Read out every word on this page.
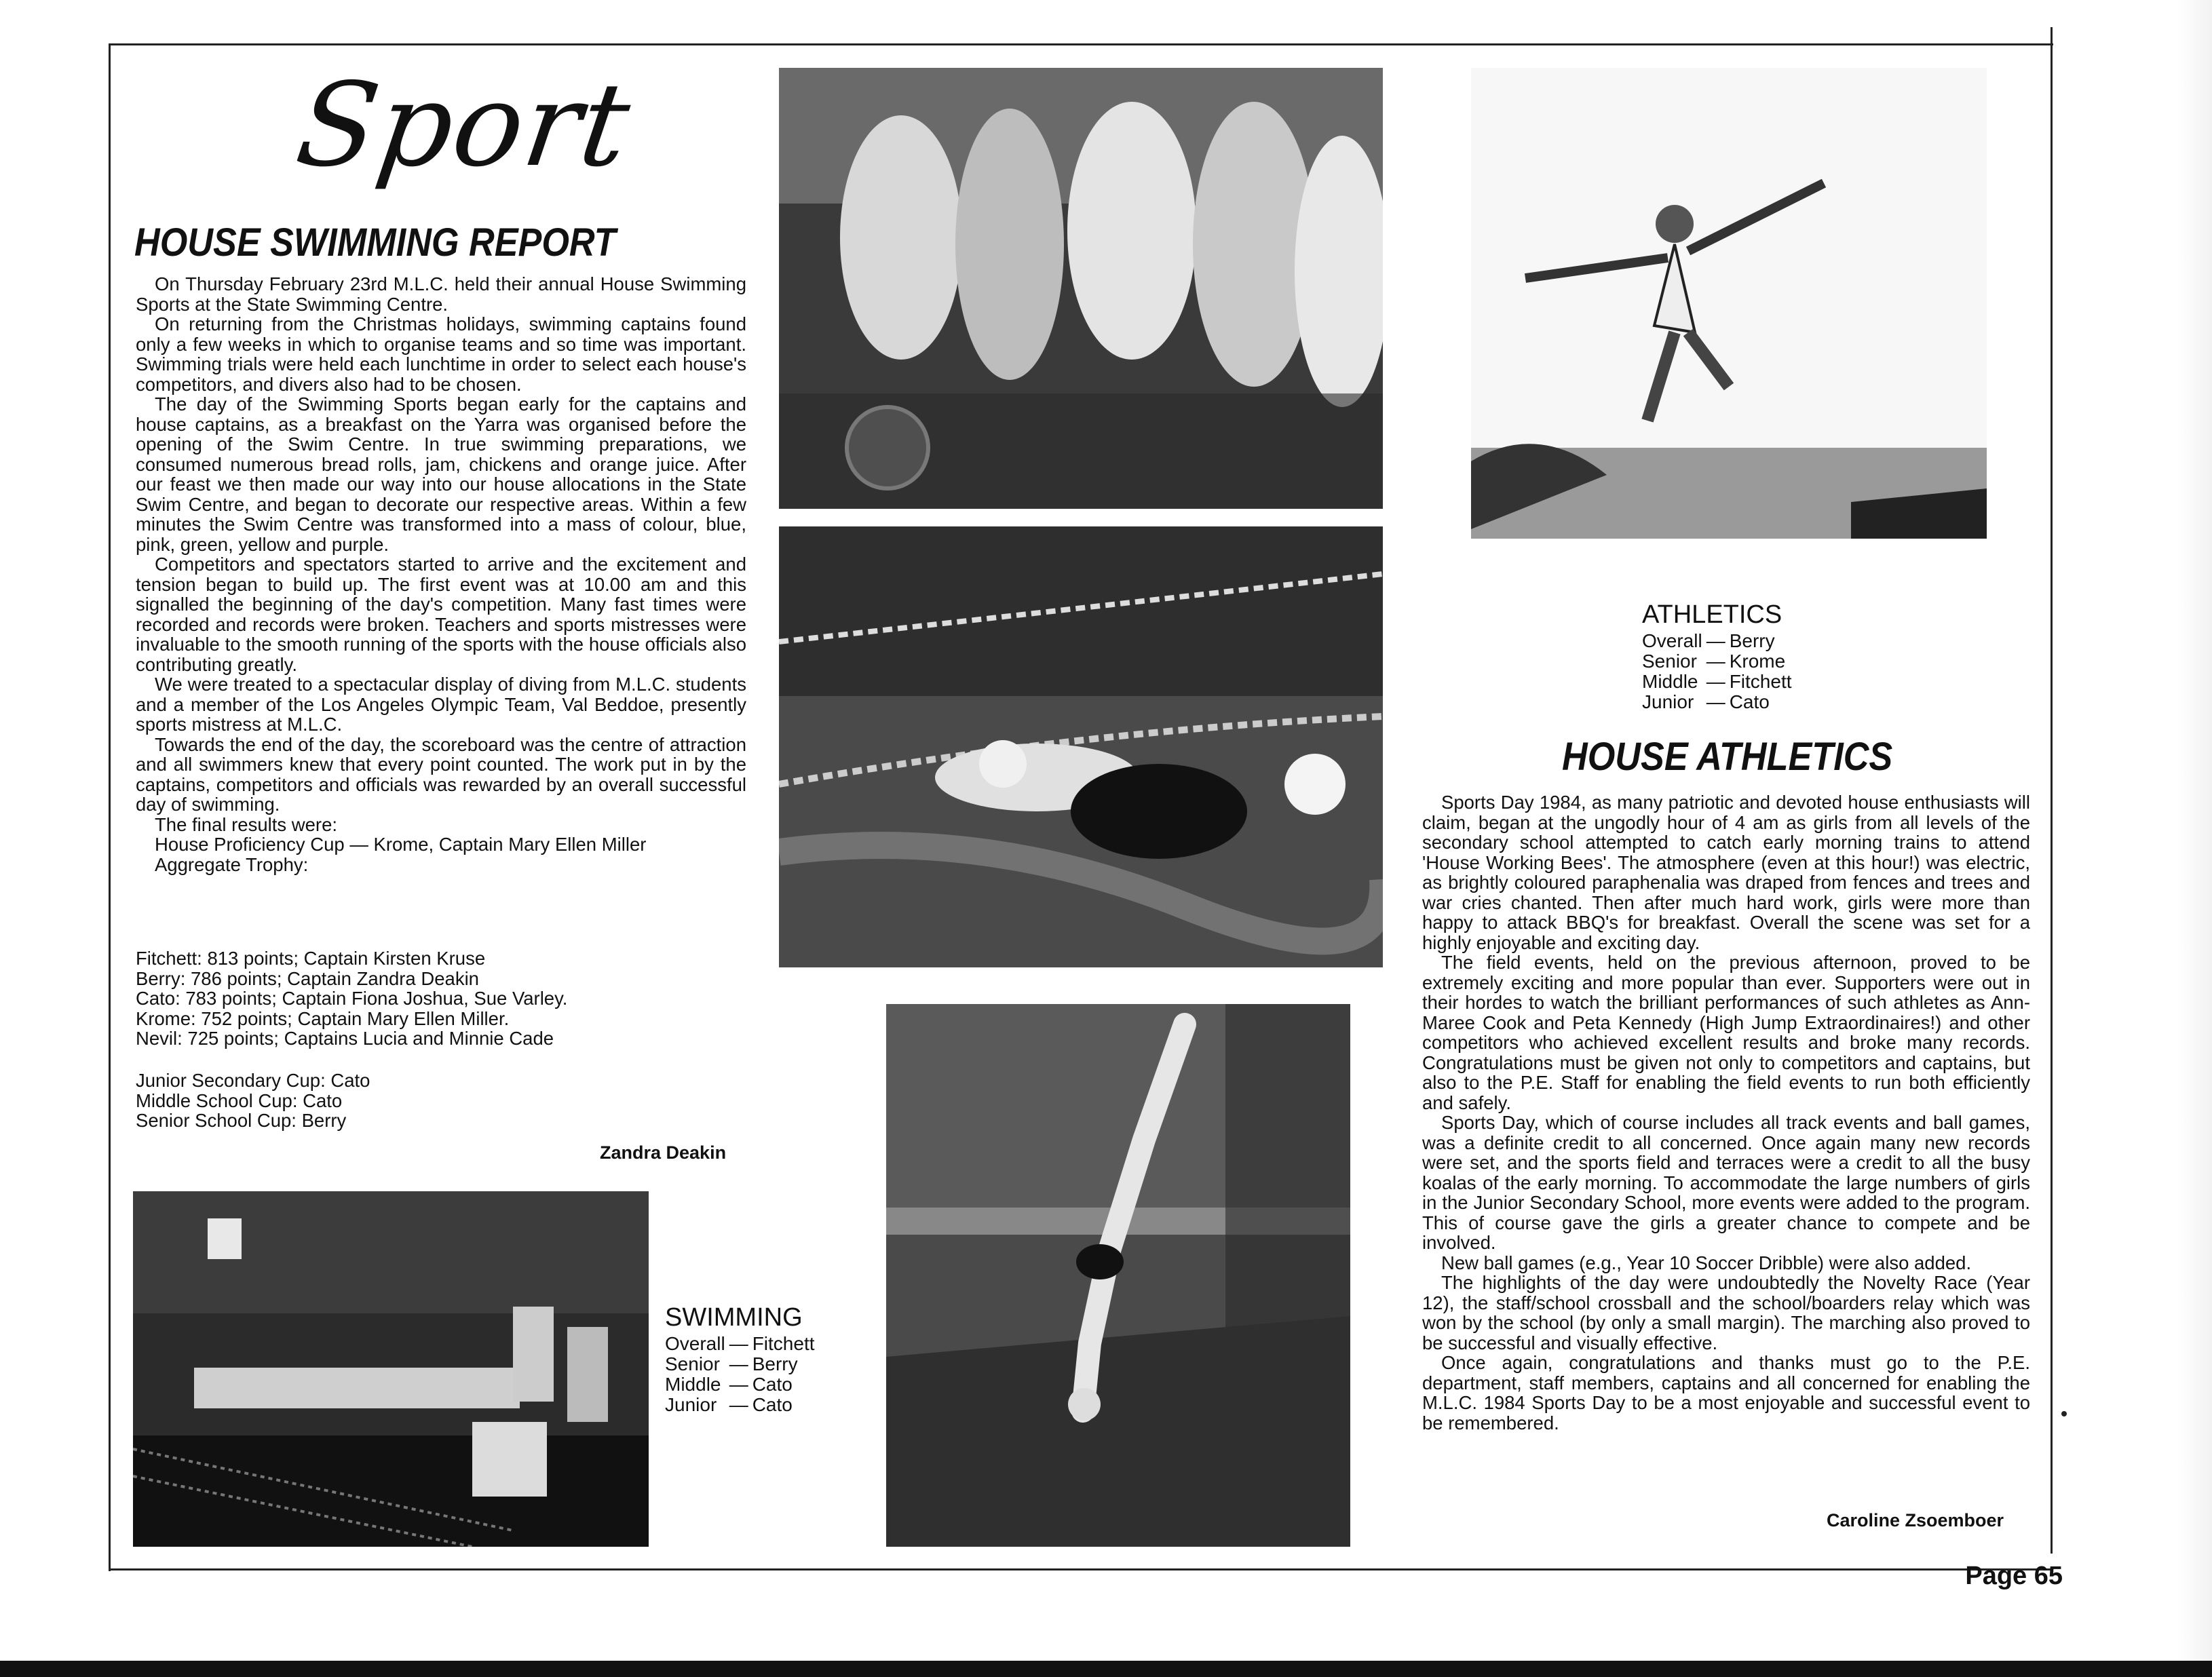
Sport
HOUSE SWIMMING REPORT

On Thursday February 23rd M.L.C. held their annual House Swimming Sports at the State Swimming Centre.

On returning from the Christmas holidays, swimming captains found only a few weeks in which to organise teams and so time was important. Swimming trials were held each lunchtime in order to select each house's competitors, and divers also had to be chosen.

The day of the Swimming Sports began early for the captains and house captains, as a breakfast on the Yarra was organised before the opening of the Swim Centre. In true swimming preparations, we consumed numerous bread rolls, jam, chickens and orange juice. After our feast we then made our way into our house allocations in the State Swim Centre, and began to decorate our respective areas. Within a few minutes the Swim Centre was transformed into a mass of colour, blue, pink, green, yellow and purple.

Competitors and spectators started to arrive and the excitement and tension began to build up. The first event was at 10.00 am and this signalled the beginning of the day's competition. Many fast times were recorded and records were broken. Teachers and sports mistresses were invaluable to the smooth running of the sports with the house officials also contributing greatly.

We were treated to a spectacular display of diving from M.L.C. students and a member of the Los Angeles Olympic Team, Val Beddoe, presently sports mistress at M.L.C.

Towards the end of the day, the scoreboard was the centre of attraction and all swimmers knew that every point counted. The work put in by the captains, competitors and officials was rewarded by an overall successful day of swimming.

The final results were:

House Proficiency Cup — Krome, Captain Mary Ellen Miller

Aggregate Trophy:

Fitchett: 813 points; Captain Kirsten Kruse
Berry: 786 points; Captain Zandra Deakin
Cato: 783 points; Captain Fiona Joshua, Sue Varley.
Krome: 752 points; Captain Mary Ellen Miller.
Nevil: 725 points; Captains Lucia and Minnie Cade
Junior Secondary Cup: Cato
Middle School Cup: Cato
Senior School Cup: Berry
Zandra Deakin
SWIMMING
Overall	—	Fitchett
Senior	—	Berry
Middle	—	Cato
Junior	—	Cato
ATHLETICS
Overall	—	Berry
Senior	—	Krome
Middle	—	Fitchett
Junior	—	Cato
HOUSE ATHLETICS

Sports Day 1984, as many patriotic and devoted house enthusiasts will claim, began at the ungodly hour of 4 am as girls from all levels of the secondary school attempted to catch early morning trains to attend 'House Working Bees'. The atmosphere (even at this hour!) was electric, as brightly coloured paraphenalia was draped from fences and trees and war cries chanted. Then after much hard work, girls were more than happy to attack BBQ's for breakfast. Overall the scene was set for a highly enjoyable and exciting day.

The field events, held on the previous afternoon, proved to be extremely exciting and more popular than ever. Supporters were out in their hordes to watch the brilliant performances of such athletes as Ann-Maree Cook and Peta Kennedy (High Jump Extraordinaires!) and other competitors who achieved excellent results and broke many records. Congratulations must be given not only to competitors and captains, but also to the P.E. Staff for enabling the field events to run both efficiently and safely.

Sports Day, which of course includes all track events and ball games, was a definite credit to all concerned. Once again many new records were set, and the sports field and terraces were a credit to all the busy koalas of the early morning. To accommodate the large numbers of girls in the Junior Secondary School, more events were added to the program. This of course gave the girls a greater chance to compete and be involved.

New ball games (e.g., Year 10 Soccer Dribble) were also added.

The highlights of the day were undoubtedly the Novelty Race (Year 12), the staff/school crossball and the school/boarders relay which was won by the school (by only a small margin). The marching also proved to be successful and visually effective.

Once again, congratulations and thanks must go to the P.E. department, staff members, captains and all concerned for enabling the M.L.C. 1984 Sports Day to be a most enjoyable and successful event to be remembered.

Caroline Zsoemboer
Page 65
